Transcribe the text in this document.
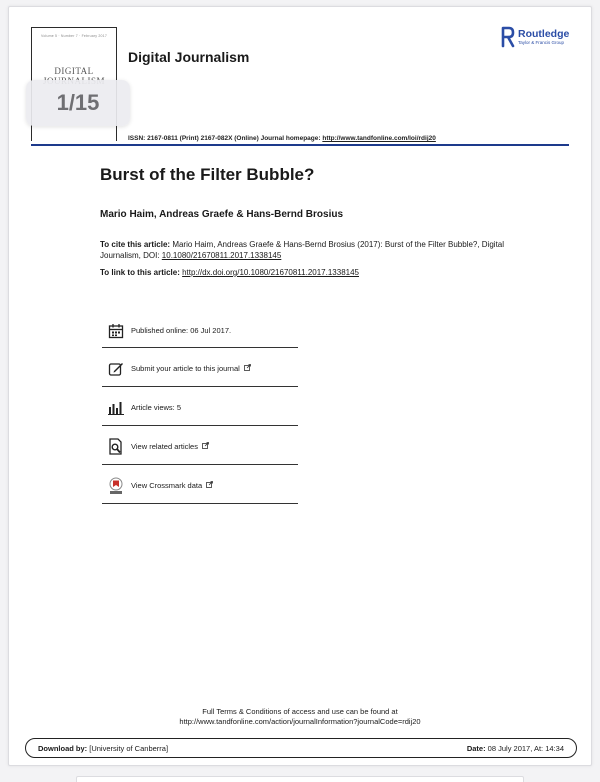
Volume 5 · Number 7 · February 2017
DIGITAL
Digital Journalism
Routledge
Taylor & Francis Group
ISSN: 2167-0811 (Print) 2167-082X (Online) Journal homepage: http://www.tandfonline.com/loi/rdij20
Burst of the Filter Bubble?
Mario Haim, Andreas Graefe & Hans-Bernd Brosius
To cite this article: Mario Haim, Andreas Graefe & Hans-Bernd Brosius (2017): Burst of the Filter Bubble?, Digital Journalism, DOI: 10.1080/21670811.2017.1338145
To link to this article: http://dx.doi.org/10.1080/21670811.2017.1338145
Published online: 06 Jul 2017.
Submit your article to this journal
Article views: 5
View related articles
View Crossmark data
Full Terms & Conditions of access and use can be found at
http://www.tandfonline.com/action/journalInformation?journalCode=rdij20
Download by: [University of Canberra]	Date: 08 July 2017, At: 14:34
1/15
